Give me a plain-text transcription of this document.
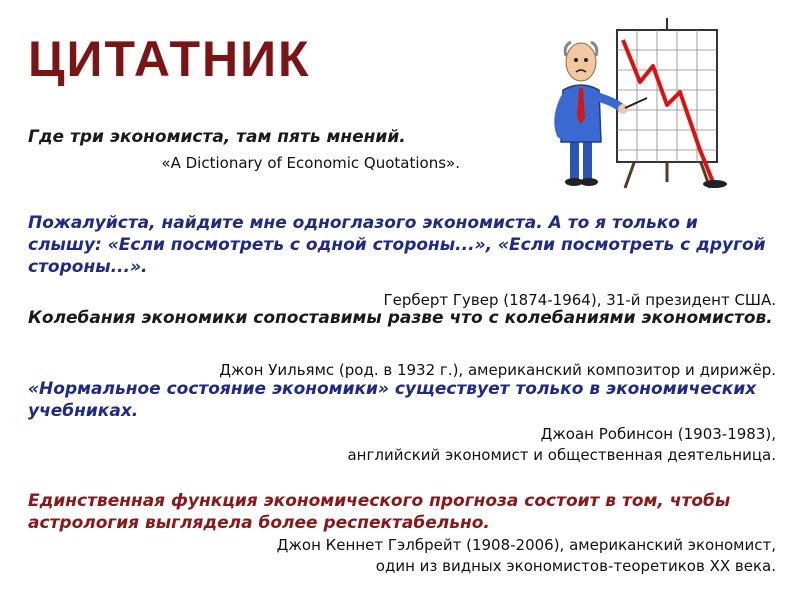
ЦИТАТНИК
Где три экономиста, там пять мнений.
«A Dictionary of Economic Quotations».
Пожалуйста, найдите мне одноглазого экономиста. А то я только и слышу: «Если посмотреть с одной стороны...», «Если посмотреть с другой стороны...».
Герберт Гувер (1874-1964), 31-й президент США.
Колебания экономики сопоставимы разве что с колебаниями экономистов.
Джон Уильямс (род. в 1932 г.), американский композитор и дирижёр.
«Нормальное состояние экономики» существует только в экономических учебниках.
Джоан Робинсон (1903-1983),
английский экономист и общественная деятельница.
Единственная функция экономического прогноза состоит в том, чтобы астрология выглядела более респектабельно.
Джон Кеннет Гэлбрейт (1908-2006), американский экономист,
один из видных экономистов-теоретиков XX века.
